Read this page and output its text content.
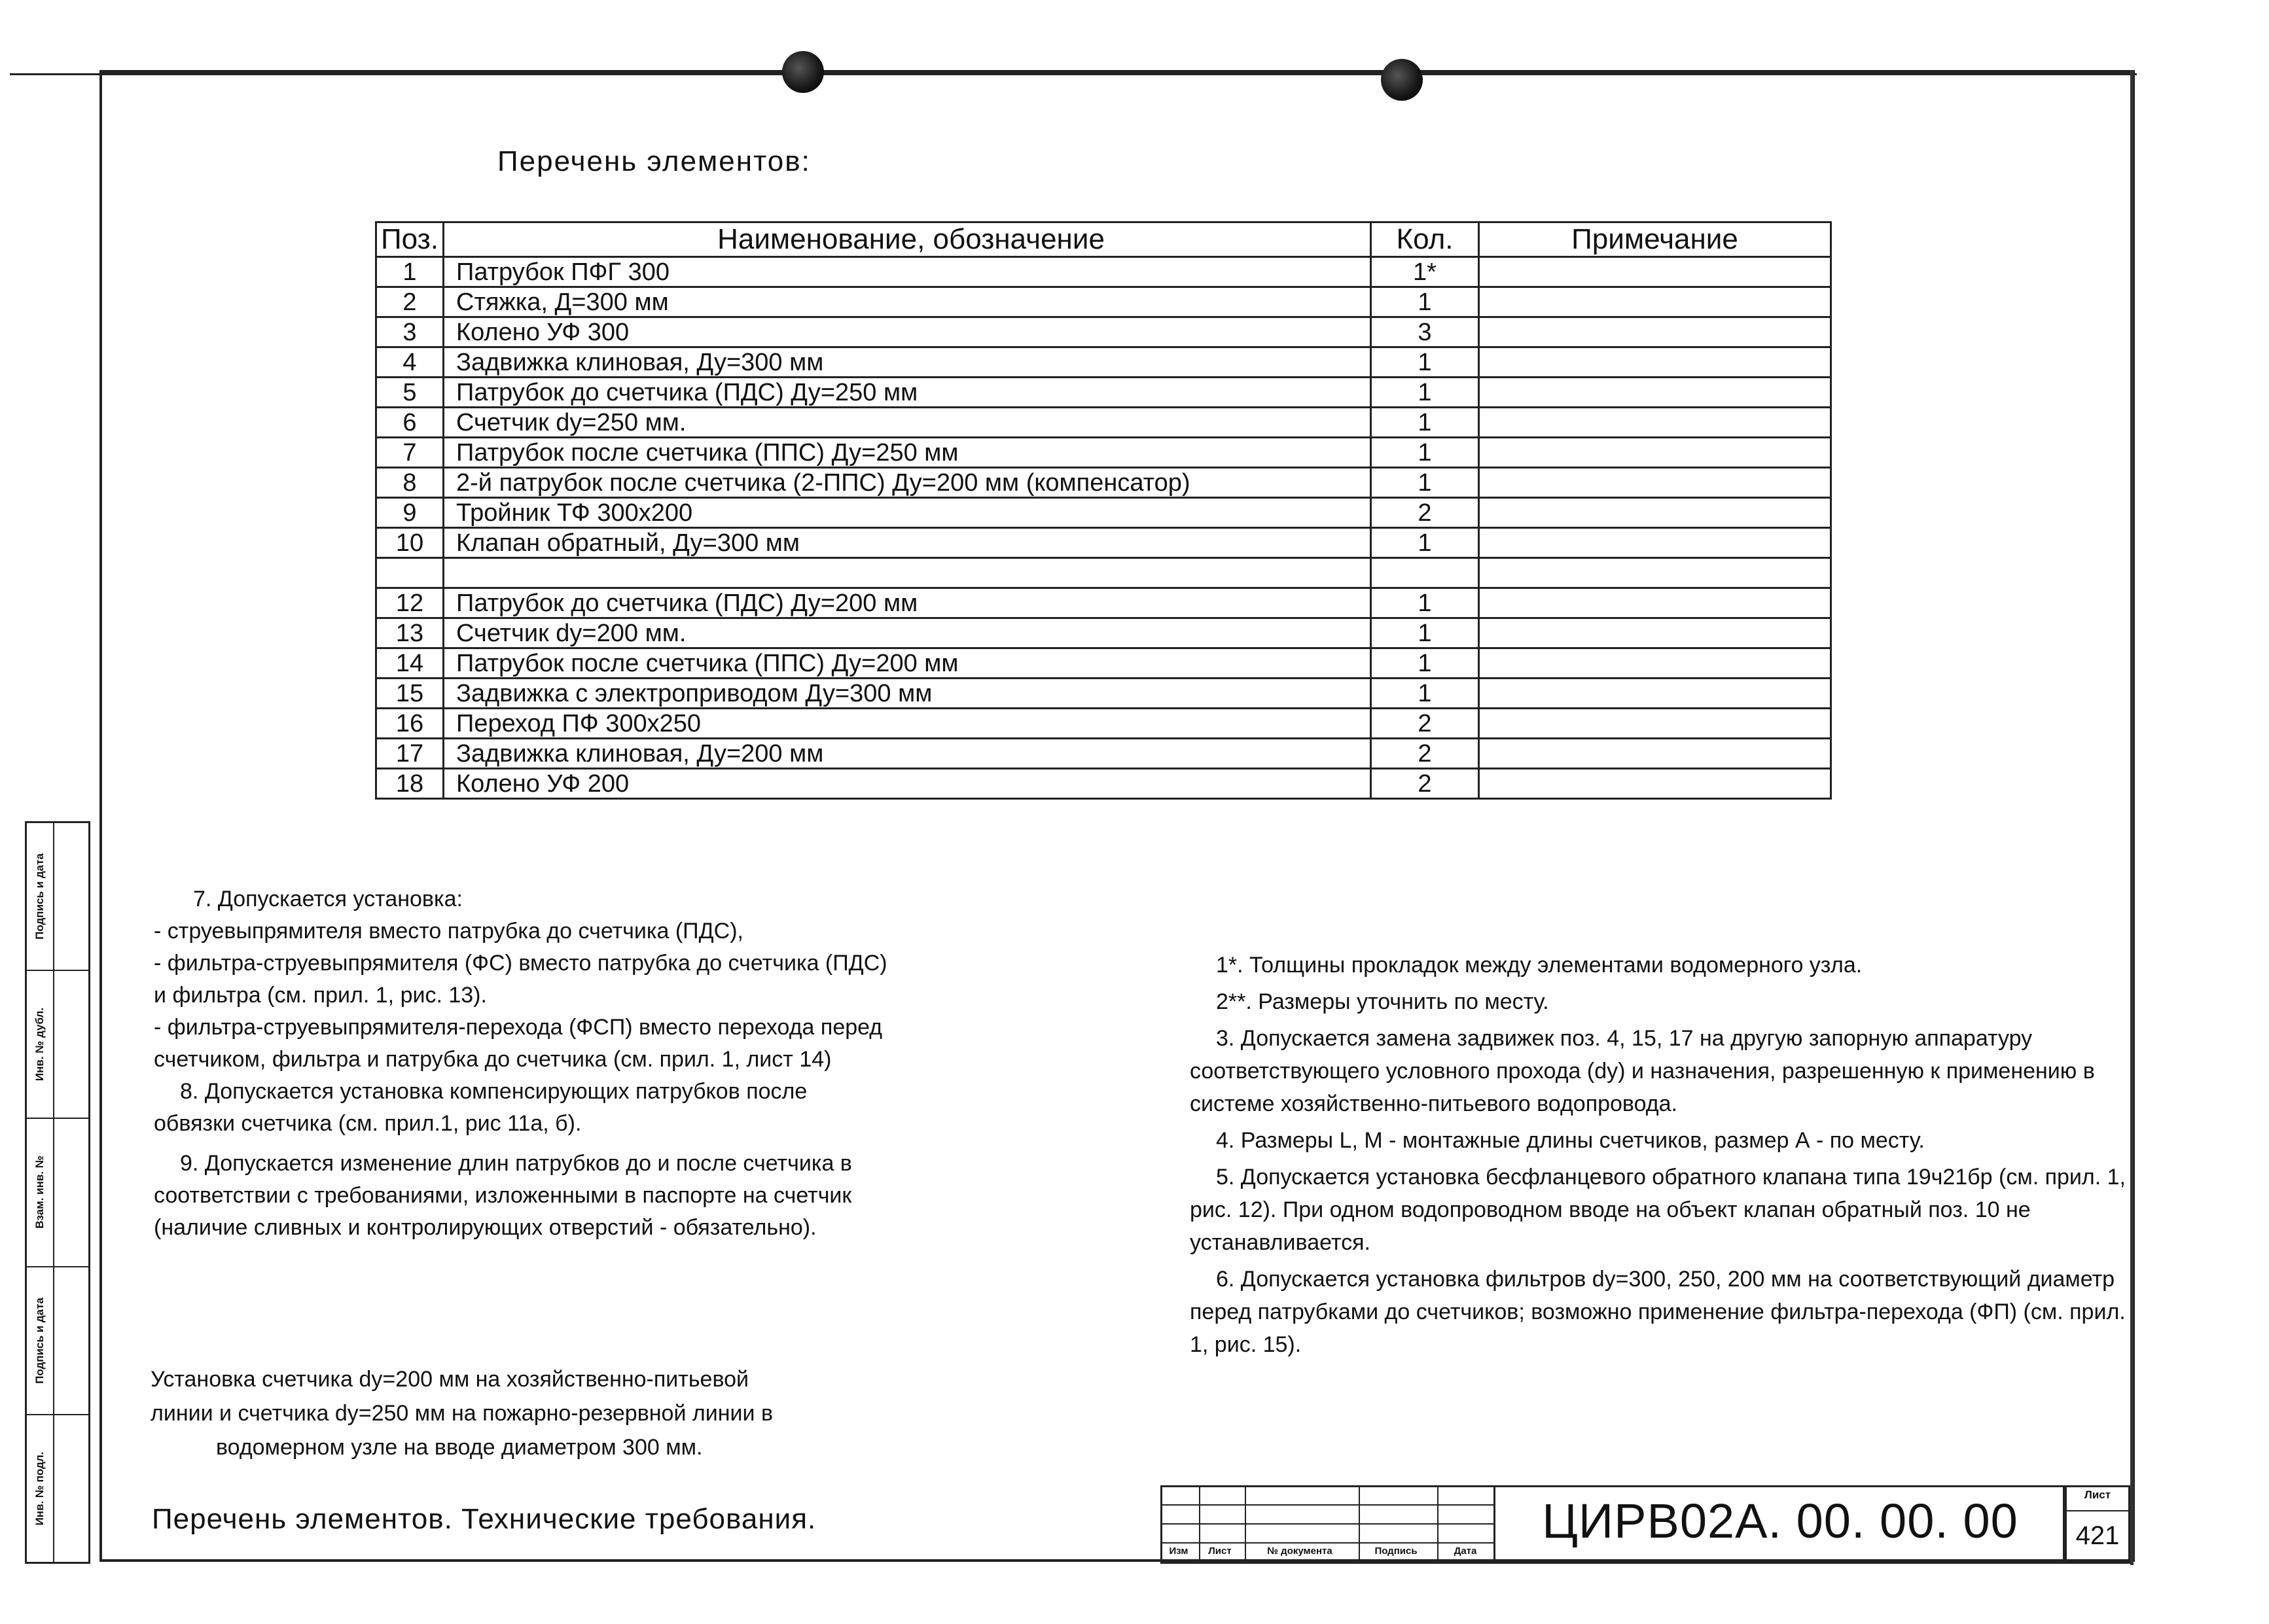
Инв. № подл.
Подпись и дата
Взам. инв. №
Инв. № дубл.
Подпись и дата
Перечень элементов:
Поз.	Наименование, обозначение	Кол.	Примечание
1	Патрубок ПФГ 300	1*	
2	Стяжка, Д=300 мм	1	
3	Колено УФ 300	3	
4	Задвижка клиновая, Ду=300 мм	1	
5	Патрубок до счетчика (ПДС) Ду=250 мм	1	
6	Счетчик dy=250 мм.	1	
7	Патрубок после счетчика (ППС) Ду=250 мм	1	
8	2-й патрубок после счетчика (2-ППС) Ду=200 мм (компенсатор)	1	
9	Тройник ТФ 300х200	2	
10	Клапан обратный, Ду=300 мм	1	

12	Патрубок до счетчика (ПДС) Ду=200 мм	1	
13	Счетчик dy=200 мм.	1	
14	Патрубок после счетчика (ППС) Ду=200 мм	1	
15	Задвижка с электроприводом Ду=300 мм	1	
16	Переход ПФ 300х250	2	
17	Задвижка клиновая, Ду=200 мм	2	
18	Колено УФ 200	2	

7. Допускается установка:

- струевыпрямителя вместо патрубка до счетчика (ПДС),

- фильтра-струевыпрямителя (ФС) вместо патрубка до счетчика (ПДС)

и фильтра (см. прил. 1, рис. 13).

- фильтра-струевыпрямителя-перехода (ФСП) вместо перехода перед

счетчиком, фильтра и патрубка до счетчика (см. прил. 1, лист 14)

8. Допускается установка компенсирующих патрубков после

обвязки счетчика (см. прил.1, рис 11а, б).

9. Допускается изменение длин патрубков до и после счетчика в

соответствии с требованиями, изложенными в паспорте на счетчик

(наличие сливных и контролирующих отверстий - обязательно).

1*. Толщины прокладок между элементами водомерного узла.

2**. Размеры уточнить по месту.

3. Допускается замена задвижек поз. 4, 15, 17 на другую запорную аппаратуру соответствующего условного прохода (dy) и назначения, разрешенную к применению в системе хозяйственно-питьевого водопровода.

4. Размеры L, M - монтажные длины счетчиков, размер А - по месту.

5. Допускается установка бесфланцевого обратного клапана типа 19ч21бр (см. прил. 1, рис. 12). При одном водопроводном вводе на объект клапан обратный поз. 10 не устанавливается.

6. Допускается установка фильтров dy=300, 250, 200 мм на соответствующий диаметр перед патрубками до счетчиков; возможно применение фильтра-перехода (ФП) (см. прил. 1, рис. 15).

Установка счетчика dy=200 мм на хозяйственно-питьевой

линии и счетчика dy=250 мм на пожарно-резервной линии в

водомерном узле на вводе диаметром 300 мм.

Перечень элементов. Технические требования.
Изм	Лист	№ документа	Подпись	Дата
ЦИРВ02А. 00. 00. 00	Лист
421
